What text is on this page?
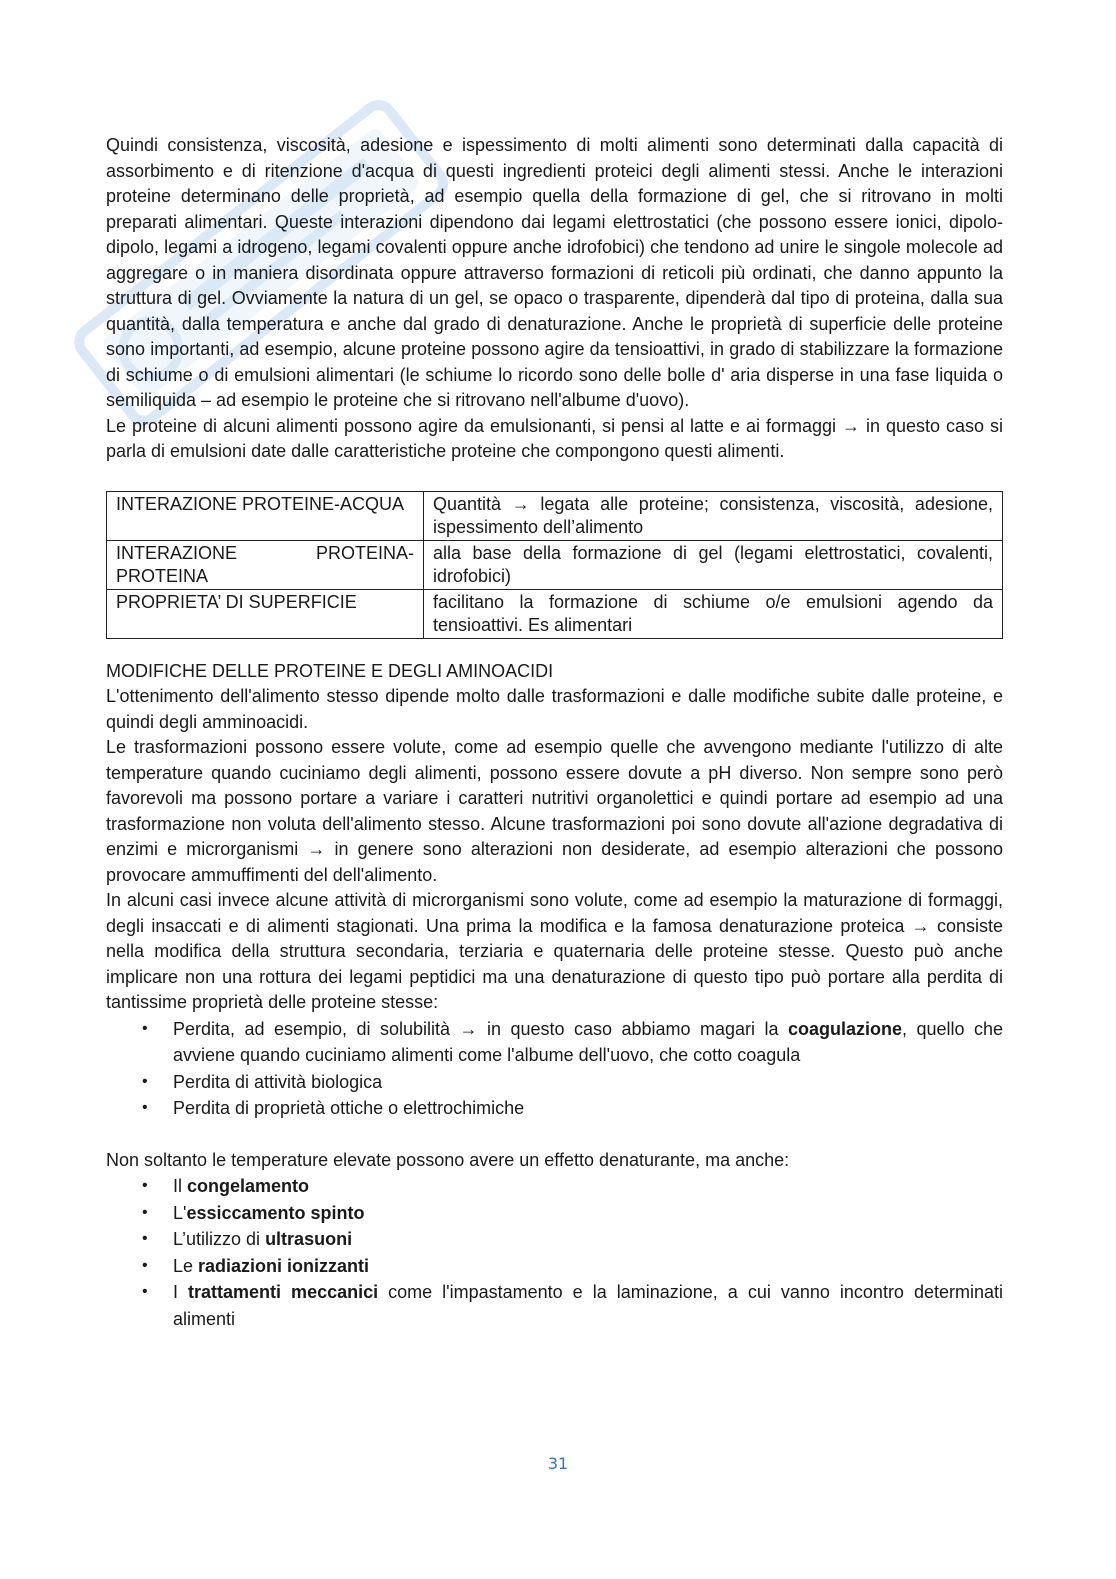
Quindi consistenza, viscosità, adesione e ispessimento di molti alimenti sono determinati dalla capacità di assorbimento e di ritenzione d'acqua di questi ingredienti proteici degli alimenti stessi. Anche le interazioni proteine determinano delle proprietà, ad esempio quella della formazione di gel, che si ritrovano in molti preparati alimentari. Queste interazioni dipendono dai legami elettrostatici (che possono essere ionici, dipolo-dipolo, legami a idrogeno, legami covalenti oppure anche idrofobici) che tendono ad unire le singole molecole ad aggregare o in maniera disordinata oppure attraverso formazioni di reticoli più ordinati, che danno appunto la struttura di gel. Ovviamente la natura di un gel, se opaco o trasparente, dipenderà dal tipo di proteina, dalla sua quantità, dalla temperatura e anche dal grado di denaturazione. Anche le proprietà di superficie delle proteine sono importanti, ad esempio, alcune proteine possono agire da tensioattivi, in grado di stabilizzare la formazione di schiume o di emulsioni alimentari (le schiume lo ricordo sono delle bolle d' aria disperse in una fase liquida o semiliquida – ad esempio le proteine che si ritrovano nell'albume d'uovo).

Le proteine di alcuni alimenti possono agire da emulsionanti, si pensi al latte e ai formaggi → in questo caso si parla di emulsioni date dalle caratteristiche proteine che compongono questi alimenti.

INTERAZIONE PROTEINE-ACQUA	Quantità → legata alle proteine; consistenza, viscosità, adesione, ispessimento dell’alimento
INTERAZIONE PROTEINA-PROTEINA	alla base della formazione di gel (legami elettrostatici, covalenti, idrofobici)
PROPRIETA’ DI SUPERFICIE	facilitano la formazione di schiume o/e emulsioni agendo da tensioattivi. Es alimentari

MODIFICHE DELLE PROTEINE E DEGLI AMINOACIDI

L'ottenimento dell'alimento stesso dipende molto dalle trasformazioni e dalle modifiche subite dalle proteine, e quindi degli amminoacidi.

Le trasformazioni possono essere volute, come ad esempio quelle che avvengono mediante l'utilizzo di alte temperature quando cuciniamo degli alimenti, possono essere dovute a pH diverso. Non sempre sono però favorevoli ma possono portare a variare i caratteri nutritivi organolettici e quindi portare ad esempio ad una trasformazione non voluta dell'alimento stesso. Alcune trasformazioni poi sono dovute all'azione degradativa di enzimi e microrganismi → in genere sono alterazioni non desiderate, ad esempio alterazioni che possono provocare ammuffimenti del dell'alimento.

In alcuni casi invece alcune attività di microrganismi sono volute, come ad esempio la maturazione di formaggi, degli insaccati e di alimenti stagionati. Una prima la modifica e la famosa denaturazione proteica → consiste nella modifica della struttura secondaria, terziaria e quaternaria delle proteine stesse. Questo può anche implicare non una rottura dei legami peptidici ma una denaturazione di questo tipo può portare alla perdita di tantissime proprietà delle proteine stesse:

• Perdita, ad esempio, di solubilità → in questo caso abbiamo magari la coagulazione, quello che avviene quando cuciniamo alimenti come l'albume dell'uovo, che cotto coagula
• Perdita di attività biologica
• Perdita di proprietà ottiche o elettrochimiche

Non soltanto le temperature elevate possono avere un effetto denaturante, ma anche:

• Il congelamento
• L'essiccamento spinto
• L’utilizzo di ultrasuoni
• Le radiazioni ionizzanti
• I trattamenti meccanici come l'impastamento e la laminazione, a cui vanno incontro determinati alimenti
31
